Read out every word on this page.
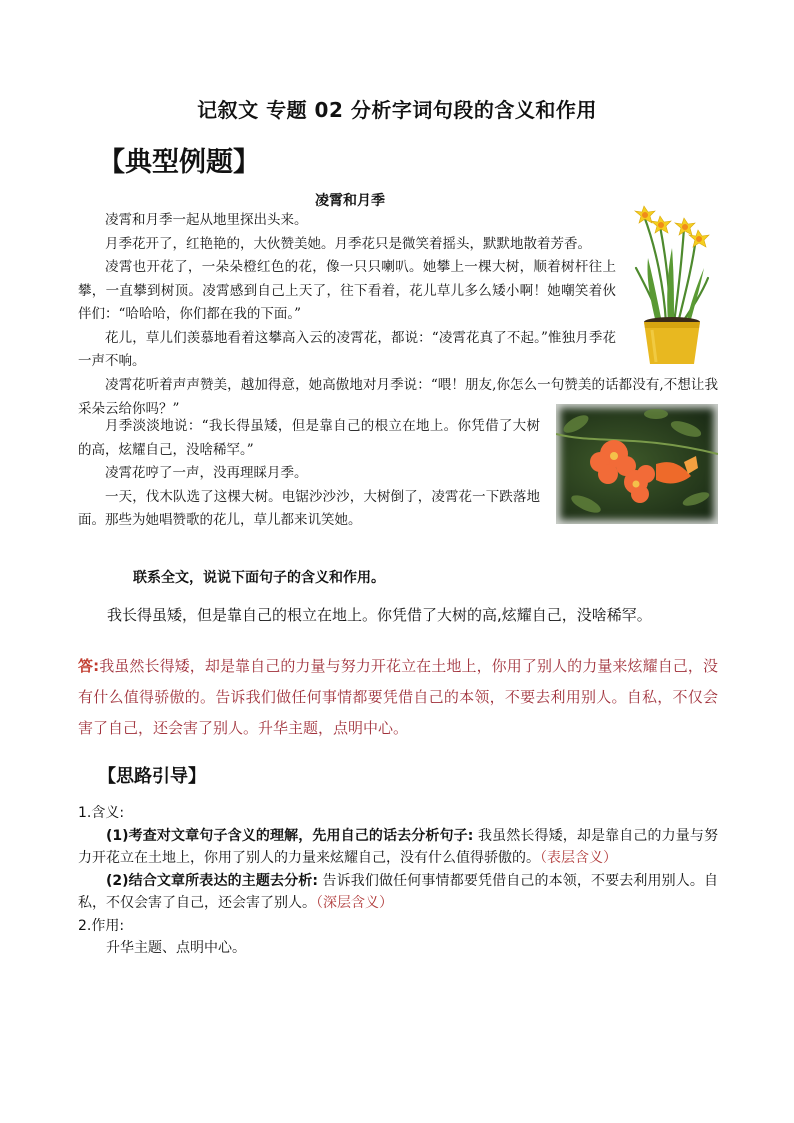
记叙文 专题 02 分析字词句段的含义和作用
【典型例题】
凌霄和月季

凌霄和月季一起从地里探出头来。

月季花开了，红艳艳的，大伙赞美她。月季花只是微笑着摇头，默默地散着芳香。

凌霄也开花了，一朵朵橙红色的花，像一只只喇叭。她攀上一棵大树，顺着树杆往上攀，一直攀到树顶。凌霄感到自己上天了，往下看着，花儿草儿多么矮小啊！她嘲笑着伙伴们：“哈哈哈，你们都在我的下面。”

花儿，草儿们羡慕地看着这攀高入云的凌霄花，都说：“凌霄花真了不起。”惟独月季花一声不响。

凌霄花听着声声赞美，越加得意，她高傲地对月季说：“喂！朋友,你怎么一句赞美的话都没有,不想让我采朵云给你吗？”

月季淡淡地说：“我长得虽矮，但是靠自己的根立在地上。你凭借了大树的高，炫耀自己，没啥稀罕。”

凌霄花哼了一声，没再理睬月季。

一天，伐木队选了这棵大树。电锯沙沙沙，大树倒了，凌霄花一下跌落地面。那些为她唱赞歌的花儿，草儿都来讥笑她。

联系全文，说说下面句子的含义和作用。
我长得虽矮，但是靠自己的根立在地上。你凭借了大树的高,炫耀自己，没啥稀罕。
答:我虽然长得矮，却是靠自己的力量与努力开花立在土地上，你用了别人的力量来炫耀自己，没有什么值得骄傲的。告诉我们做任何事情都要凭借自己的本领，不要去利用别人。自私，不仅会害了自己，还会害了别人。升华主题，点明中心。
【思路引导】

1.含义:

(1)考查对文章句子含义的理解，先用自己的话去分析句子: 我虽然长得矮，却是靠自己的力量与努力开花立在土地上，你用了别人的力量来炫耀自己，没有什么值得骄傲的。（表层含义）

(2)结合文章所表达的主题去分析: 告诉我们做任何事情都要凭借自己的本领，不要去利用别人。自私，不仅会害了自己，还会害了别人。（深层含义）

2.作用:

升华主题、点明中心。
